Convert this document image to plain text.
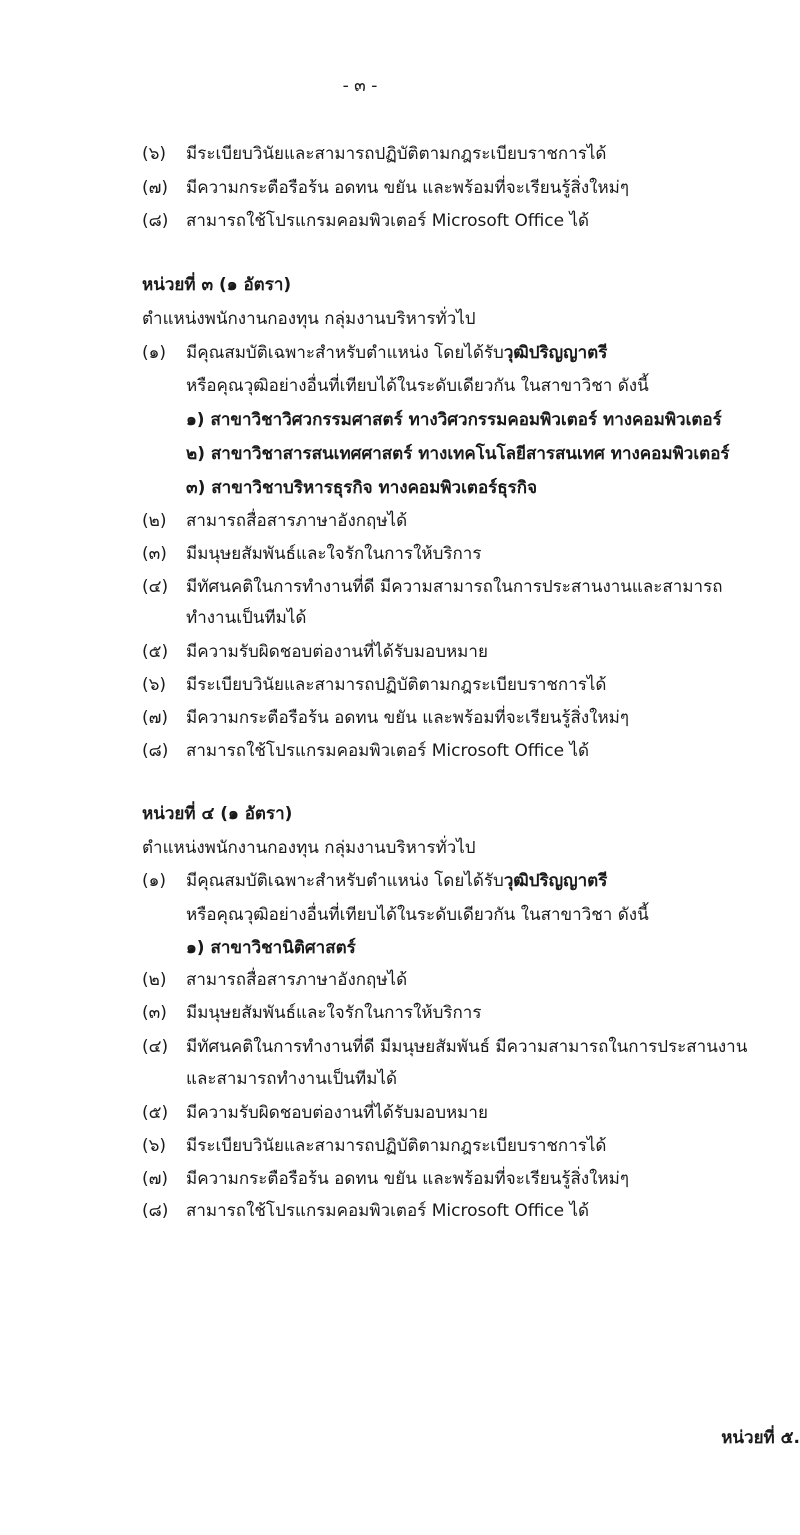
- ๓ -
(๖) มีระเบียบวินัยและสามารถปฏิบัติตามกฎระเบียบราชการได้
(๗) มีความกระตือรือร้น อดทน ขยัน และพร้อมที่จะเรียนรู้สิ่งใหม่ๆ
(๘) สามารถใช้โปรแกรมคอมพิวเตอร์ Microsoft Office ได้
หน่วยที่ ๓ (๑ อัตรา)
ตำแหน่งพนักงานกองทุน กลุ่มงานบริหารทั่วไป
(๑) มีคุณสมบัติเฉพาะสำหรับตำแหน่ง โดยได้รับวุฒิปริญญาตรี
หรือคุณวุฒิอย่างอื่นที่เทียบได้ในระดับเดียวกัน ในสาขาวิชา ดังนี้
๑) สาขาวิชาวิศวกรรมศาสตร์ ทางวิศวกรรมคอมพิวเตอร์ ทางคอมพิวเตอร์
๒) สาขาวิชาสารสนเทศศาสตร์ ทางเทคโนโลยีสารสนเทศ ทางคอมพิวเตอร์
๓) สาขาวิชาบริหารธุรกิจ ทางคอมพิวเตอร์ธุรกิจ
(๒) สามารถสื่อสารภาษาอังกฤษได้
(๓) มีมนุษยสัมพันธ์และใจรักในการให้บริการ
(๔) มีทัศนคติในการทำงานที่ดี มีความสามารถในการประสานงานและสามารถ
ทำงานเป็นทีมได้
(๕) มีความรับผิดชอบต่องานที่ได้รับมอบหมาย
(๖) มีระเบียบวินัยและสามารถปฏิบัติตามกฎระเบียบราชการได้
(๗) มีความกระตือรือร้น อดทน ขยัน และพร้อมที่จะเรียนรู้สิ่งใหม่ๆ
(๘) สามารถใช้โปรแกรมคอมพิวเตอร์ Microsoft Office ได้
หน่วยที่ ๔ (๑ อัตรา)
ตำแหน่งพนักงานกองทุน กลุ่มงานบริหารทั่วไป
(๑) มีคุณสมบัติเฉพาะสำหรับตำแหน่ง โดยได้รับวุฒิปริญญาตรี
หรือคุณวุฒิอย่างอื่นที่เทียบได้ในระดับเดียวกัน ในสาขาวิชา ดังนี้
๑) สาขาวิชานิติศาสตร์
(๒) สามารถสื่อสารภาษาอังกฤษได้
(๓) มีมนุษยสัมพันธ์และใจรักในการให้บริการ
(๔) มีทัศนคติในการทำงานที่ดี มีมนุษยสัมพันธ์ มีความสามารถในการประสานงาน
และสามารถทำงานเป็นทีมได้
(๕) มีความรับผิดชอบต่องานที่ได้รับมอบหมาย
(๖) มีระเบียบวินัยและสามารถปฏิบัติตามกฎระเบียบราชการได้
(๗) มีความกระตือรือร้น อดทน ขยัน และพร้อมที่จะเรียนรู้สิ่งใหม่ๆ
(๘) สามารถใช้โปรแกรมคอมพิวเตอร์ Microsoft Office ได้
หน่วยที่ ๕.
